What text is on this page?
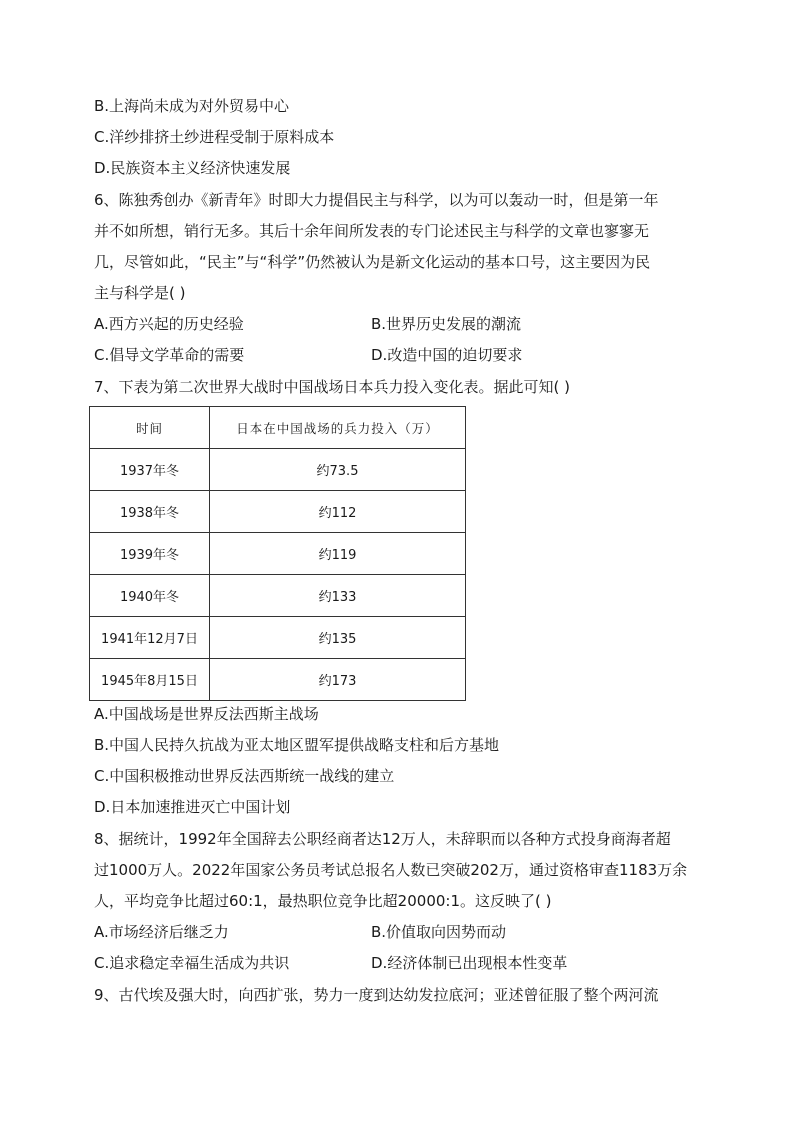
B.上海尚未成为对外贸易中心
C.洋纱排挤土纱进程受制于原料成本
D.民族资本主义经济快速发展
6、陈独秀创办《新青年》时即大力提倡民主与科学，以为可以轰动一时，但是第一年
并不如所想，销行无多。其后十余年间所发表的专门论述民主与科学的文章也寥寥无
几，尽管如此，“民主”与“科学”仍然被认为是新文化运动的基本口号，这主要因为民
主与科学是( )
A.西方兴起的历史经验	B.世界历史发展的潮流
C.倡导文学革命的需要	D.改造中国的迫切要求
7、下表为第二次世界大战时中国战场日本兵力投入变化表。据此可知( )
时间	日本在中国战场的兵力投入（万）
1937年冬	约73.5
1938年冬	约112
1939年冬	约119
1940年冬	约133
1941年12月7日	约135
1945年8月15日	约173
A.中国战场是世界反法西斯主战场
B.中国人民持久抗战为亚太地区盟军提供战略支柱和后方基地
C.中国积极推动世界反法西斯统一战线的建立
D.日本加速推进灭亡中国计划
8、据统计，1992年全国辞去公职经商者达12万人，未辞职而以各种方式投身商海者超
过1000万人。2022年国家公务员考试总报名人数已突破202万，通过资格审查1183万余
人，平均竞争比超过60:1，最热职位竞争比超20000:1。这反映了( )
A.市场经济后继乏力	B.价值取向因势而动
C.追求稳定幸福生活成为共识	D.经济体制已出现根本性变革
9、古代埃及强大时，向西扩张，势力一度到达幼发拉底河；亚述曾征服了整个两河流
